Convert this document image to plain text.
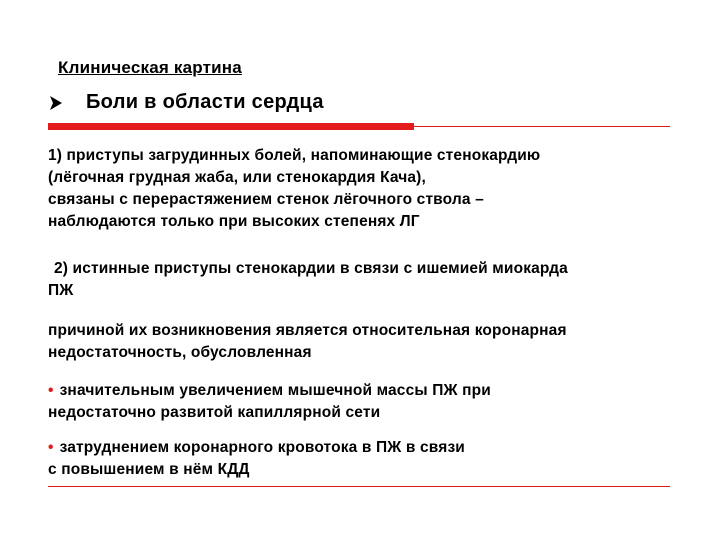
Клиническая картина
Боли в области сердца
1) приступы загрудинных болей, напоминающие стенокардию
(лёгочная грудная жаба, или стенокардия Кача),
связаны с перерастяжением стенок лёгочного ствола –
наблюдаются только при высоких степенях ЛГ
2) истинные приступы стенокардии в связи с ишемией миокарда
ПЖ
причиной их возникновения является относительная коронарная
недостаточность, обусловленная
• значительным увеличением мышечной массы ПЖ при
недостаточно развитой капиллярной сети
• затруднением коронарного кровотока в ПЖ в связи
с повышением в нём КДД
